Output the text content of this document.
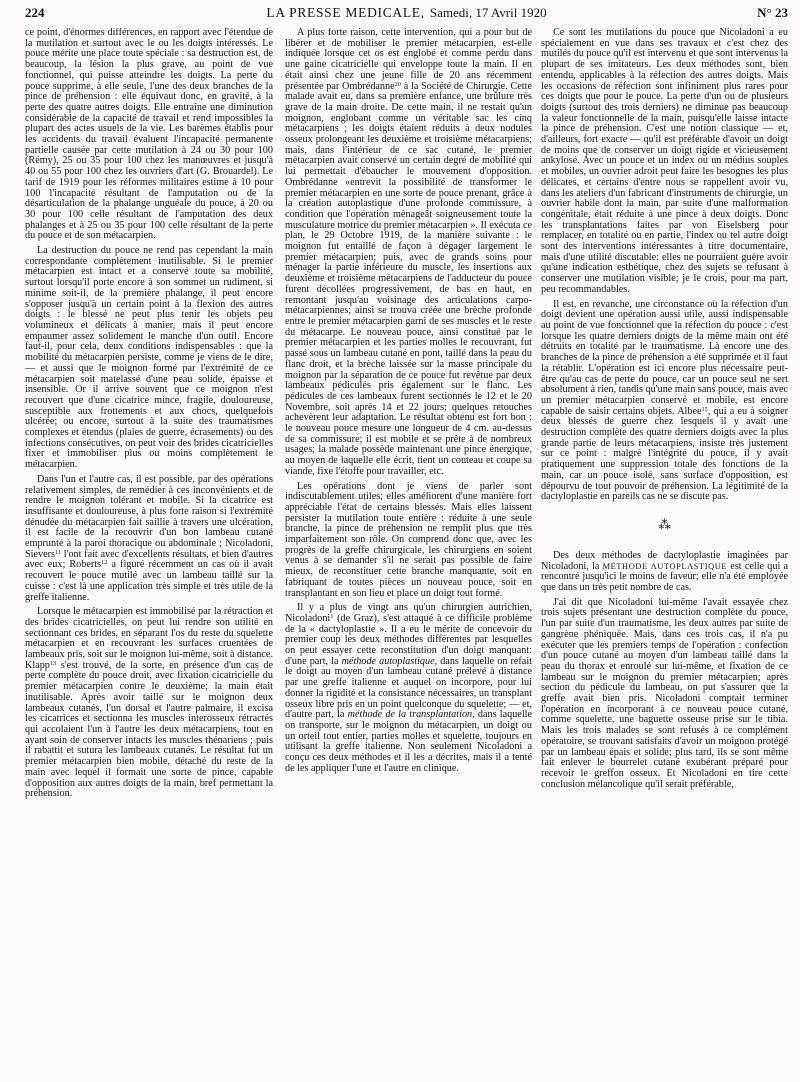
224	LA PRESSE MEDICALE, Samedi, 17 Avril 1920	N° 23

ce point, d'énormes différences, en rapport avec l'étendue de la mutilation et surtout avec le ou les doigts intéressés. Le pouce mérite une place toute spéciale : sa destruction est, de beaucoup, la lésion la plus grave, au point de vue fonctionnel, qui puisse atteindre les doigts. La perte du pouce supprime, à elle seule, l'une des deux branches de la pince de préhension : elle équivaut donc, en gravité, à la perte des quatre autres doigts. Elle entraîne une diminution considérable de la capacité de travail et rend impossibles la plupart des actes usuels de la vie. Les barèmes établis pour les accidents du travail évaluent l'incapacité permanente partielle causée par cette mutilation à 24 ou 30 pour 100 (Rémy), 25 ou 35 pour 100 chez les manœuvres et jusqu'à 40 ou 55 pour 100 chez les ouvriers d'art (G. Brouardel). Le tarif de 1919 pour les réformes militaires estime à 10 pour 100 l'incapacité résultant de l'amputation ou de la désarticulation de la phalange unguéale du pouce, à 20 ou 30 pour 100 celle résultant de l'amputation des deux phalanges et à 25 ou 35 pour 100 celle résultant de la perte du pouce et de son métacarpien.

La destruction du pouce ne rend pas cependant la main correspondante complètement inutilisable. Si le premier métacarpien est intact et a conservé toute sa mobilité, surtout lorsqu'il porte encore à son sommet un rudiment, si minime soit-il, de la première phalange, il peut encore s'opposer jusqu'à un certain point à la flexion des autres doigts : le blessé ne peut plus tenir les objets peu volumineux et délicats à manier, mais il peut encore empaumer assez solidement le manche d'un outil. Encore faut-il, pour cela, deux conditions indispensables : que la mobilité du métacarpien persiste, comme je viens de le dire, — et aussi que le moignon formé par l'extrémité de ce métacarpien soit matelassé d'une peau solide, épaisse et insensible. Or il arrive souvent que ce moignon n'est recouvert que d'une cicatrice mince, fragile, douloureuse, susceptible aux frottements et aux chocs, quelquefois ulcérée; ou encore, surtout à la suite des traumatismes complexes et étendus (plaies de guerre, écrasements) ou des infections consécutives, on peut voir des brides cicatricielles fixer et immobiliser plus ou moins complètement le métacarpien.

Dans l'un et l'autre cas, il est possible, par des opérations relativement simples, de remédier à ces inconvénients et de rendre le moignon tolérant et mobile. Si la cicatrice est insuffisante et douloureuse, à plus forte raison si l'extrémité dénudée du métacarpien fait saillie à travers une ulcération, il est facile de la recouvrir d'un bon lambeau cutané emprunté à la paroi thoracique ou abdominale ; Nicoladoni, Sievers$^{11}$ l'ont fait avec d'excellents résultats, et bien d'autres avec eux; Roberts$^{12}$ a figuré récemment un cas où il avait recouvert le pouce mutilé avec un lambeau taillé sur la cuisse : c'est là une application très simple et très utile de la greffe italienne.

Lorsque le métacarpien est immobilisé par la rétraction et des brides cicatricielles, on peut lui rendre son utilité en sectionnant ces brides, en séparant l'os du reste du squelette métacarpien et en recouvrant les surfaces cruentées de lambeaux pris, soit sur le moignon lui-même, soit à distance. Klapp$^{13}$ s'est trouvé, de la sorte, en présence d'un cas de perte complète du pouce droit, avec fixation cicatricielle du premier métacarpien contre le deuxième; la main était inutilisable. Après avoir taillé sur le moignon deux lambeaux cutanés, l'un dorsal et l'autre palmaire, il excisa les cicatrices et sectionna les muscles interosseux rétractés qui accolaient l'un à l'autre les deux métacarpiens, tout en ayant soin de conserver intacts les muscles thénariens ; puis il rabattit et sutura les lambeaux cutanés. Le résultat fut un premier métacarpien bien mobile, détaché du reste de la main avec lequel il formait une sorte de pince, capable d'opposition aux autres doigts de la main, bref permettant la préhension.

A plus forte raison, cette intervention, qui a pour but de libérer et de mobiliser le premier métacarpien, est-elle indiquée lorsque cet os est englobé et comme perdu dans une gaine cicatricielle qui enveloppe toute la main. Il en était ainsi chez une jeune fille de 20 ans récemment présentée par Ombrédanne$^{20}$ à la Société de Chirurgie. Cette malade avait eu, dans sa première enfance, une brûlure très grave de la main droite. De cette main, il ne restait qu'un moignon, englobant comme un véritable sac les cinq métacarpiens ; les doigts étaient réduits à deux nodules osseux prolongeant les deuxième et troisième métacarpiens; mais, dans l'intérieur de ce sac cutané, le premier métacarpien avait conservé un certain degré de mobilité qui lui permettait d'ébaucher le mouvement d'opposition. Ombrédanne «entrevit la possibilité de transformer le premier métacarpien en une sorte de pouce prenant, grâce à la création autoplastique d'une profonde commissure, à condition que l'opération ménageât soigneusement toute la musculature motrice du premier métacarpien ». Il exécuta ce plan, le 29 Octobre 1919, de la manière suivante : le moignon fut entaillé de façon à dégager largement le premier métacarpien; puis, avec de grands soins pour ménager la partie inférieure du muscle, les insertions aux deuxième et troisième métacarpiens de l'adducteur du pouce furent décollées progressivement, de bas en haut, en remontant jusqu'au voisinage des articulations carpo-métacarpiennes; ainsi se trouva créée une brèche profonde entre le premier métacarpien garni de ses muscles et le reste du métacarpe. Le nouveau pouce, ainsi constitué par le premier métacarpien et les parties molles le recouvrant, fut passé sous un lambeau cutané en pont, taillé dans la peau du flanc droit, et la brèche laissée sur la masse principale du moignon par la séparation de ce pouce fut revêtue par deux lambeaux pédiculés pris également sur le flanc. Les pédicules de ces lambeaux furent sectionnés le 12 et le 20 Novembre, soit après 14 et 22 jours; quelques retouches achevèrent leur adaptation. Le résultat obtenu est fort bon : le nouveau pouce mesure une longueur de 4 cm. au-dessus de sa commissure; il est mobile et se prête à de nombreux usages; la malade possède maintenant une pince énergique, au moyen de laquelle elle écrit, tient un couteau et coupe sa viande, fixe l'étoffe pour travailler, etc.

Les opérations dont je viens de parler sont indiscutablement utiles; elles améliorent d'une manière fort appréciable l'état de certains blessés. Mais elles laissent persister la mutilation toute entière : réduite à une seule branche, la pince de préhension ne remplit plus que très imparfaitement son rôle. On comprend donc que, avec les progrès de la greffe chirurgicale, les chirurgiens en soient venus à se demander s'il ne serait pas possible de faire mieux, de reconstituer cette branche manquante, soit en fabriquant de toutes pièces un nouveau pouce, soit en transplantant en son lieu et place un doigt tout formé.

Il y a plus de vingt ans qu'un chirurgien autrichien, Nicoladoni$^1$ (de Graz), s'est attaqué à ce difficile problème de la « dactyloplastie ». Il a eu le mérite de concevoir du premier coup les deux méthodes différentes par lesquelles on peut essayer cette reconstitution d'un doigt manquant: d'une part, la méthode autoplastique, dans laquelle on refait le doigt au moyen d'un lambeau cutané prélevé à distance par une greffe italienne et auquel on incorpore, pour lui donner la rigidité et la consistance nécessaires, un transplant osseux libre pris en un point quelconque du squelette; — et, d'autre part, la méthode de la transplantation, dans laquelle on transporte, sur le moignon du métacarpien, un doigt ou un orteil tout entier, parties molles et squelette, toujours en utilisant la greffe italienne. Non seulement Nicoladoni a conçu ces deux méthodes et il les a décrites, mais il a tenté de les appliquer l'une et l'autre en clinique.

Ce sont les mutilations du pouce que Nicoladoni a eu spécialement en vue dans ses travaux et c'est chez des mutilés du pouce qu'il est intervenu et que sont intervenus la plupart de ses imitateurs. Les deux méthodes sont, bien entendu, applicables à la réfection des autres doigts. Mais les occasions de réfection sont infiniment plus rares pour ces doigts que pour le pouce. La perte d'un ou de plusieurs doigts (surtout des trois derniers) ne diminue pas beaucoup la valeur fonctionnelle de la main, puisqu'elle laisse intacte la pince de préhension. C'est une notion classique — et, d'ailleurs, fort exacte — qu'il est préférable d'avoir un doigt de moins que de conserver un doigt rigide et vicieusement ankylosé. Avec un pouce et un index ou un médius souples et mobiles, un ouvrier adroit peut faire les besognes les plus délicates, et certains d'entre nous se rappellent avoir vu, dans les ateliers d'un fabricant d'instruments de chirurgie, un ouvrier habile dont la main, par suite d'une malformation congénitale, était réduite à une pince à deux doigts. Donc les transplantations faites par von Eiselsberg pour remplacer, en totalité ou en partie, l'index ou tel autre doigt sont des interventions intéressantes à titre documentaire, mais d'une utilité discutable: elles ne pourraient guère avoir qu'une indication esthétique, chez des sujets se refusant à conserver une mutilation visible; je le crois, pour ma part, peu recommandables.

Il est, en revanche, une circonstance où la réfection d'un doigt devient une opération aussi utile, aussi indispensable au point de vue fonctionnel que la réfection du pouce : c'est lorsque les quatre derniers doigts de la même main ont été détruits en totalité par le traumatisme. Là encore une des branches de la pince de préhension a été supprimée et il faut la rétablir. L'opération est ici encore plus nécessaire peut-être qu'au cas de perte du pouce, car un pouce seul ne sert absolument à rien, tandis qu'une main sans pouce, mais avec un premier métacarpien conservé et mobile, est encore capable de saisir certains objets. Albee$^{15}$, qui a eu à soigner deux blessés de guerre chez lesquels il y avait une destruction complète des quatre derniers doigts avec la plus grande partie de leurs métacarpiens, insiste très justement sur ce point : malgré l'intégrité du pouce, il y avait pratiquement une suppression totale des fonctions de la main, car un pouce isolé, sans surface d'opposition, est dépourvu de tout pouvoir de préhension. La légitimité de la dactyloplastie en pareils cas ne se discute pas.

⁂

Des deux méthodes de dactyloplastie imaginées par Nicoladoni, la MÉTHODE AUTOPLASTIQUE est celle qui a rencontré jusqu'ici le moins de faveur; elle n'a été employée que dans un très petit nombre de cas.

J'ai dit que Nicoladoni lui-même l'avait essayée chez trois sujets présentant une destruction complète du pouce, l'un par suite d'un traumatisme, les deux autres par suite de gangrène phéniquée. Mais, dans ces trois cas, il n'a pu exécuter que les premiers temps de l'opération : confection d'un pouce cutané au moyen d'un lambeau taillé dans la peau du thorax et enroulé sur lui-même, et fixation de ce lambeau sur le moignon du premier métacarpien; après section du pédicule du lambeau, on put s'assurer que la greffe avait bien pris. Nicoladoni comptait terminer l'opération en incorporant à ce nouveau pouce cutané, comme squelette, une baguette osseuse prise sur le tibia. Mais les trois malades se sont refusés à ce complément opératoire, se trouvant satisfaits d'avoir un moignon protégé par un lambeau épais et solide; plus tard, ils se sont même fait enlever le bourrelet cutané exubérant préparé pour recevoir le greffon osseux. Et Nicoladoni en tire cette conclusion mélancolique qu'il serait préférable,
